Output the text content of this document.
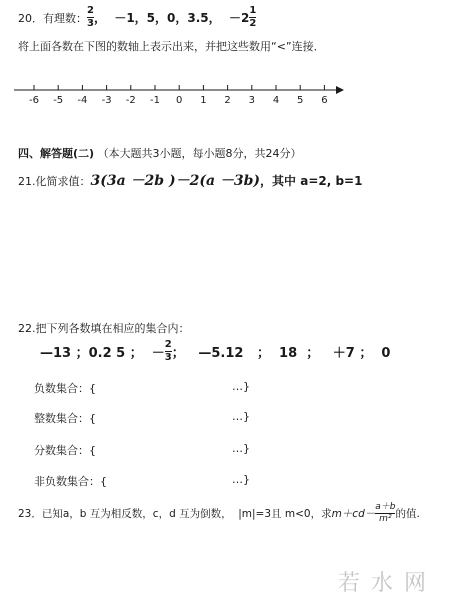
20． 有理数： $\frac{2}{3}$ ，  －1，5，0，3.5，  $-2 \frac{1}{2}$
将上面各数在下图的数轴上表示出来，并把这些数用“<”连接．
-6 -5 -4 -3 -2 -1 0 1 2 3 4 5 6
四、解答题(二) （本大题共3小题，每小题8分，共24分）
21. 化简求值： 3(3a －2b )－2(a －3b) ，其中 a=2, b=1
22.把下列各数填在相应的集合内：
—13 ；0.2 5 ；  － $\frac{2}{3}$ ；   —5.12   ；  18  ；   ＋7 ；  0
负数集合：{	…}
整数集合：{	…}
分数集合：{	…}
非负数集合：{	…}
23．已知a，b 互为相反数，c，d 互为倒数，  |m|=3且 m<0，求 $m+cd- \frac{a+b}{\text{m²}}$ 的值.
若 水 网
